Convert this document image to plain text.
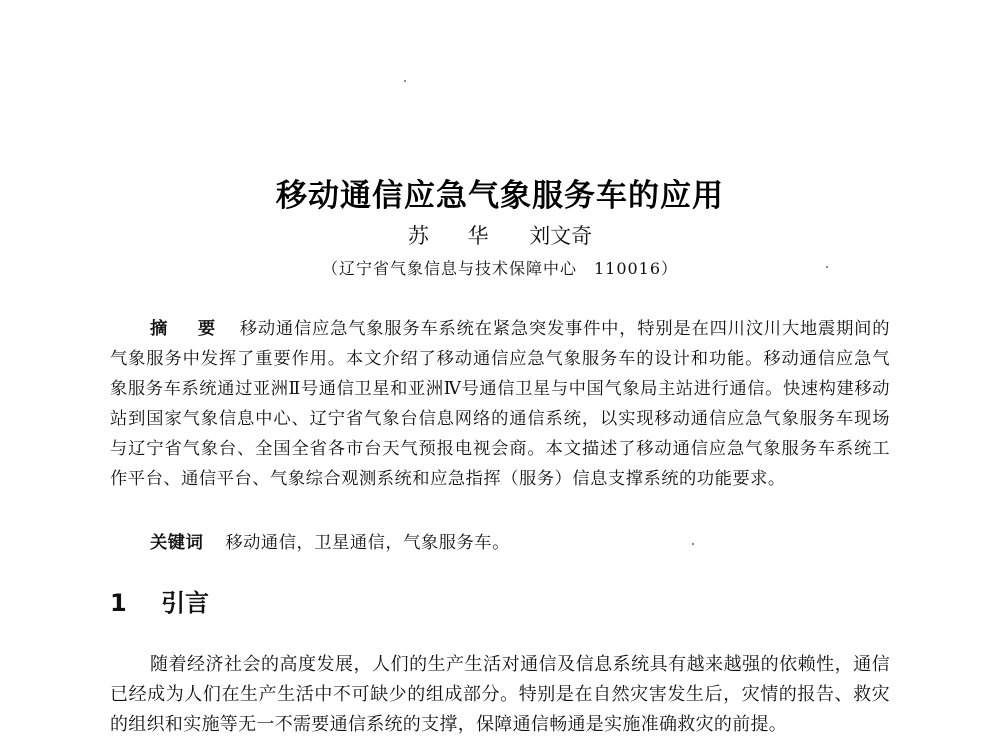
移动通信应急气象服务车的应用
苏 华 刘文奇
（辽宁省气象信息与技术保障中心　110016）
摘 要 移动通信应急气象服务车系统在紧急突发事件中，特别是在四川汶川大地震期间的气象服务中发挥了重要作用。本文介绍了移动通信应急气象服务车的设计和功能。移动通信应急气象服务车系统通过亚洲Ⅱ号通信卫星和亚洲Ⅳ号通信卫星与中国气象局主站进行通信。快速构建移动站到国家气象信息中心、辽宁省气象台信息网络的通信系统，以实现移动通信应急气象服务车现场与辽宁省气象台、全国全省各市台天气预报电视会商。本文描述了移动通信应急气象服务车系统工作平台、通信平台、气象综合观测系统和应急指挥（服务）信息支撑系统的功能要求。
关键词 移动通信，卫星通信，气象服务车。
1 引言
随着经济社会的高度发展，人们的生产生活对通信及信息系统具有越来越强的依赖性，通信已经成为人们在生产生活中不可缺少的组成部分。特别是在自然灾害发生后，灾情的报告、救灾的组织和实施等无一不需要通信系统的支撑，保障通信畅通是实施准确救灾的前提。
